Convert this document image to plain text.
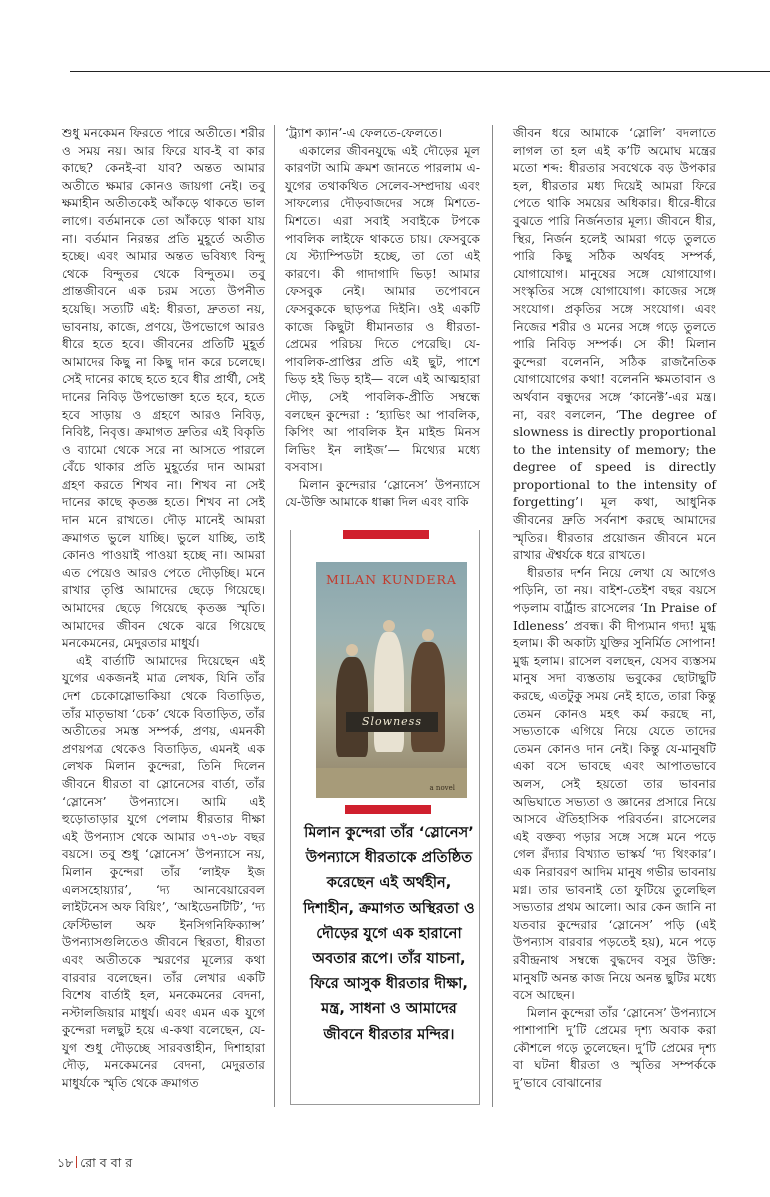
শুধু মনকেমন ফিরতে পারে অতীতে। শরীর ও সময় নয়। আর ফিরে যাব-ই বা কার কাছে? কেনই-বা যাব? অন্তত আমার অতীতে ক্ষমার কোনও জায়গা নেই। তবু ক্ষমাহীন অতীতকেই আঁকড়ে থাকতে ভাল লাগে। বর্তমানকে তো আঁকড়ে থাকা যায় না। বর্তমান নিরন্তর প্রতি মুহূর্তে অতীত হচ্ছে। এবং আমার অন্তত ভবিষ্যৎ বিন্দু থেকে বিন্দুতর থেকে বিন্দুতম। তবু প্রান্তজীবনে এক চরম সত্যে উপনীত হয়েছি। সত্যটি এই: ধীরতা, দ্রুততা নয়, ভাবনায়, কাজে, প্রণয়ে, উপভোগে আরও ধীরে হতে হবে। জীবনের প্রতিটি মুহূর্ত আমাদের কিছু না কিছু দান করে চলেছে। সেই দানের কাছে হতে হবে ধীর প্রার্থী, সেই দানের নিবিড় উপভোক্তা হতে হবে, হতে হবে সাড়ায় ও গ্রহণে আরও নিবিড়, নিবিষ্ট, নিবৃত্ত। ক্রমাগত দ্রুতির এই বিকৃতি ও ব্যামো থেকে সরে না আসতে পারলে বেঁচে থাকার প্রতি মুহূর্তের দান আমরা গ্রহণ করতে শিখব না। শিখব না সেই দানের কাছে কৃতজ্ঞ হতে। শিখব না সেই দান মনে রাখতে। দৌড় মানেই আমরা ক্রমাগত ভুলে যাচ্ছি। ভুলে যাচ্ছি, তাই কোনও পাওয়াই পাওয়া হচ্ছে না। আমরা এত পেয়েও আরও পেতে দৌড়চ্ছি। মনে রাখার তৃপ্তি আমাদের ছেড়ে গিয়েছে। আমাদের ছেড়ে গিয়েছে কৃতজ্ঞ স্মৃতি। আমাদের জীবন থেকে ঝরে গিয়েছে মনকেমনের, মেদুরতার মাধুর্য।

এই বার্তাটি আমাদের দিয়েছেন এই যুগের একজনই মাত্র লেখক, যিনি তাঁর দেশ চেকোস্লোভাকিয়া থেকে বিতাড়িত, তাঁর মাতৃভাষা ‘চেক’ থেকে বিতাড়িত, তাঁর অতীতের সমস্ত সম্পর্ক, প্রণয়, এমনকী প্রণয়পত্র থেকেও বিতাড়িত, এমনই এক লেখক মিলান কুন্দেরা, তিনি দিলেন জীবনে ধীরতা বা স্লোনেসের বার্তা, তাঁর ‘স্লোনেস’ উপন্যাসে। আমি এই হুড়োতাড়ার যুগে পেলাম ধীরতার দীক্ষা এই উপন্যাস থেকে আমার ৩৭-৩৮ বছর বয়সে। তবু শুধু ‘স্লোনেস’ উপন্যাসে নয়, মিলান কুন্দেরা তাঁর ‘লাইফ ইজ এলসহোয়্যার’, ‘দ্য আনবেয়ারেবল লাইটনেস অফ বিয়িং’, ‘আইডেনটিটি’, ‘দ্য ফেস্টিভাল অফ ইনসিগনিফিক্যান্স’ উপন্যাসগুলিতেও জীবনে স্থিরতা, ধীরতা এবং অতীতকে স্মরণের মূল্যের কথা বারবার বলেছেন। তাঁর লেখার একটি বিশেষ বার্তাই হল, মনকেমনের বেদনা, নস্টালজিয়ার মাধুর্য। এবং এমন এক যুগে কুন্দেরা দলছুট হয়ে এ-কথা বলেছেন, যে-যুগ শুধু দৌড়চ্ছে সারবত্তাহীন, দিশাহারা দৌড়, মনকেমনের বেদনা, মেদুরতার মাধুর্যকে স্মৃতি থেকে ক্রমাগত

‘ট্র্যাশ ক্যান’-এ ফেলতে-ফেলতে।

একালের জীবনযুদ্ধে এই দৌড়ের মূল কারণটা আমি ক্রমশ জানতে পারলাম এ-যুগের তথাকথিত সেলেব-সম্প্রদায় এবং সাফল্যের দৌড়বাজদের সঙ্গে মিশতে-মিশতে। এরা সবাই সবাইকে টপকে পাবলিক লাইফে থাকতে চায়। ফেসবুকে যে স্ট্যাম্পিডটা হচ্ছে, তা তো এই কারণে। কী গাদাগাদি ভিড়! আমার ফেসবুক নেই। আমার তপোবনে ফেসবুককে ছাড়পত্র দিইনি। ওই একটি কাজে কিছুটা ধীমানতার ও ধীরতা-প্রেমের পরিচয় দিতে পেরেছি। যে-পাবলিক-প্রাপ্তির প্রতি এই ছুট, পাশে ভিড় হই ভিড় হাই— বলে এই আত্মহারা দৌড়, সেই পাবলিক-প্রীতি সম্বন্ধে বলছেন কুন্দেরা : ‘হ্যাভিং আ পাবলিক, কিপিং আ পাবলিক ইন মাইন্ড মিনস লিভিং ইন লাইজ’— মিথ্যের মধ্যে বসবাস।

মিলান কুন্দেরার ‘স্লোনেস’ উপন্যাসে যে-উক্তি আমাকে ধাক্কা দিল এবং বাকি

জীবন ধরে আমাকে ‘স্লোলি’ বদলাতে লাগল তা হল এই ক’টি অমোঘ মন্ত্রের মতো শব্দ: ধীরতার সবথেকে বড় উপকার হল, ধীরতার মধ্য দিয়েই আমরা ফিরে পেতে থাকি সময়ের অধিকার। ধীরে-ধীরে বুঝতে পারি নির্জনতার মূল্য। জীবনে ধীর, স্থির, নির্জন হলেই আমরা গড়ে তুলতে পারি কিছু সঠিক অর্থবহ সম্পর্ক, যোগাযোগ। মানুষের সঙ্গে যোগাযোগ। সংস্কৃতির সঙ্গে যোগাযোগ। কাজের সঙ্গে সংযোগ। প্রকৃতির সঙ্গে সংযোগ। এবং নিজের শরীর ও মনের সঙ্গে গড়ে তুলতে পারি নিবিড় সম্পর্ক। সে কী! মিলান কুন্দেরা বলেননি, সঠিক রাজনৈতিক যোগাযোগের কথা! বলেননি ক্ষমতাবান ও অর্থবান বন্ধুদের সঙ্গে ‘কানেক্ট’-এর মন্ত্র। না, বরং বললেন, ‘The degree of slowness is directly proportional to the intensity of memory; the degree of speed is directly proportional to the intensity of forgetting’। মূল কথা, আধুনিক জীবনের দ্রুতি সর্বনাশ করছে আমাদের স্মৃতির। ধীরতার প্রয়োজন জীবনে মনে রাখার ঐশ্বর্যকে ধরে রাখতে।

ধীরতার দর্শন নিয়ে লেখা যে আগেও পড়িনি, তা নয়। বাইশ-তেইশ বছর বয়সে পড়লাম বার্ট্রান্ড রাসেলের ‘In Praise of Idleness’ প্রবন্ধ। কী দীপ্যমান গদ্য! মুগ্ধ হলাম। কী অকাট্য যুক্তির সুনির্মিত সোপান! মুগ্ধ হলাম। রাসেল বলছেন, যেসব ব্যস্তসম মানুষ সদা ব্যস্ততায় ভবুকের ছোটাছুটি করছে, এতটুকু সময় নেই হাতে, তারা কিন্তু তেমন কোনও মহৎ কর্ম করছে না, সভ্যতাকে এগিয়ে নিয়ে যেতে তাদের তেমন কোনও দান নেই। কিন্তু যে-মানুষটি একা বসে ভাবছে এবং আপাতভাবে অলস, সেই হয়তো তার ভাবনার অভিঘাতে সভ্যতা ও জ্ঞানের প্রসারে নিয়ে আসবে ঐতিহাসিক পরিবর্তন। রাসেলের এই বক্তব্য পড়ার সঙ্গে সঙ্গে মনে পড়ে গেল রঁদ্যার বিখ্যাত ভাস্কর্য ‘দ্য থিংকার’। এক নিরাবরণ আদিম মানুষ গভীর ভাবনায় মগ্ন। তার ভাবনাই তো ফুটিয়ে তুলেছিল সভ্যতার প্রথম আলো। আর কেন জানি না যতবার কুন্দেরার ‘স্লোনেস’ পড়ি (এই উপন্যাস বারবার পড়তেই হয়), মনে পড়ে রবীন্দ্রনাথ সম্বন্ধে বুদ্ধদেব বসুর উক্তি: মানুষটি অনন্ত কাজ নিয়ে অনন্ত ছুটির মধ্যে বসে আছেন।

মিলান কুন্দেরা তাঁর ‘স্লোনেস’ উপন্যাসে পাশাপাশি দু’টি প্রেমের দৃশ্য অবাক করা কৌশলে গড়ে তুলেছেন। দু’টি প্রেমের দৃশ্য বা ঘটনা ধীরতা ও স্মৃতির সম্পর্ককে দু’ভাবে বোঝানোর

MILAN KUNDERA
Slowness
a novel
মিলান কুন্দেরা তাঁর ‘স্লোনেস’ উপন্যাসে ধীরতাকে প্রতিষ্ঠিত করেছেন এই অর্থহীন, দিশাহীন, ক্রমাগত অস্থিরতা ও দৌড়ের যুগে এক হারানো অবতার রূপে। তাঁর যাচনা, ফিরে আসুক ধীরতার দীক্ষা, মন্ত্র, সাধনা ও আমাদের জীবনে ধীরতার মন্দির।
১৮ রো ব বা র
